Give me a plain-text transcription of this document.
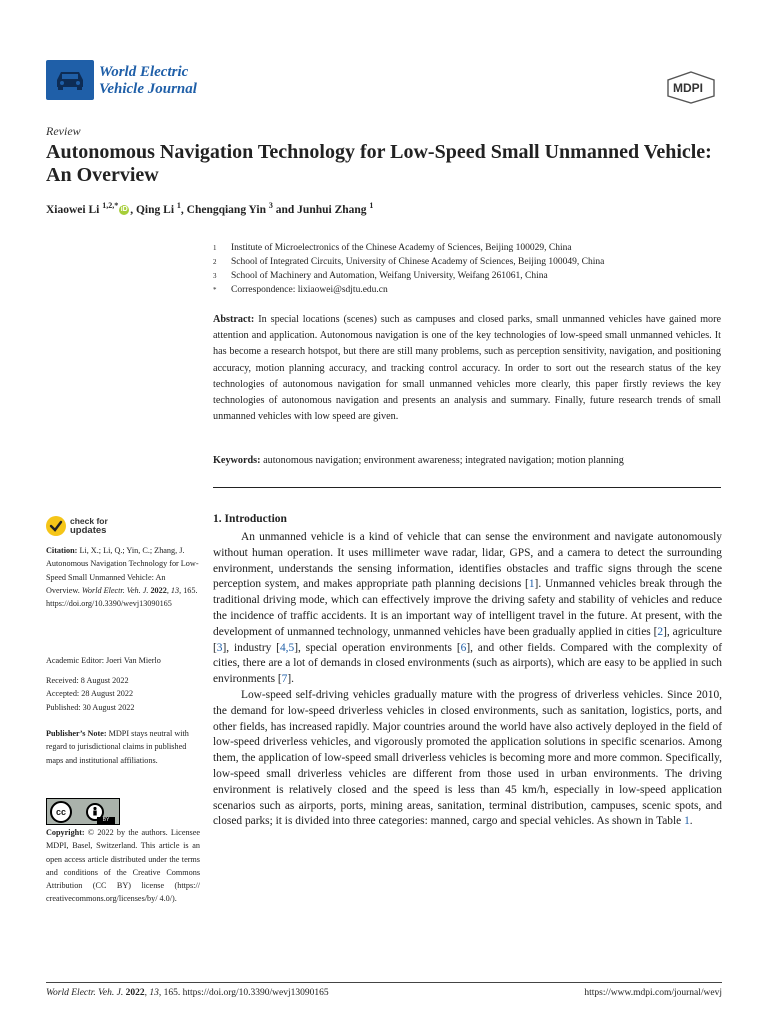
World Electric
Vehicle Journal	MDPI
Review
Autonomous Navigation Technology for Low-Speed Small Unmanned Vehicle: An Overview
Xiaowei Li $^{1,2,*}$ iD , Qing Li $^1$, Chengqiang Yin $^3$ and Junhui Zhang $^1$
1	Institute of Microelectronics of the Chinese Academy of Sciences, Beijing 100029, China
2	School of Integrated Circuits, University of Chinese Academy of Sciences, Beijing 100049, China
3	School of Machinery and Automation, Weifang University, Weifang 261061, China
*	Correspondence: lixiaowei@sdjtu.edu.cn
Abstract: In special locations (scenes) such as campuses and closed parks, small unmanned vehicles have gained more attention and application. Autonomous navigation is one of the key technologies of low-speed small unmanned vehicles. It has become a research hotspot, but there are still many problems, such as perception sensitivity, navigation, and positioning accuracy, motion planning accuracy, and tracking control accuracy. In order to sort out the research status of the key technologies of autonomous navigation for small unmanned vehicles more clearly, this paper firstly reviews the key technologies of autonomous navigation and presents an analysis and summary. Finally, future research trends of small unmanned vehicles with low speed are given.
Keywords: autonomous navigation; environment awareness; integrated navigation; motion planning
check for
updates
Citation: Li, X.; Li, Q.; Yin, C.; Zhang, J. Autonomous Navigation Technology for Low-Speed Small Unmanned Vehicle: An Overview. World Electr. Veh. J. 2022, 13, 165. https://doi.org/10.3390/wevj13090165
Academic Editor: Joeri Van Mierlo
Received: 8 August 2022
Accepted: 28 August 2022
Published: 30 August 2022
Publisher’s Note: MDPI stays neutral with regard to jurisdictional claims in published maps and institutional affiliations.
cc
BY
Copyright: © 2022 by the authors. Licensee MDPI, Basel, Switzerland. This article is an open access article distributed under the terms and conditions of the Creative Commons Attribution (CC BY) license (https:// creativecommons.org/licenses/by/ 4.0/).
1. Introduction

An unmanned vehicle is a kind of vehicle that can sense the environment and navigate autonomously without human operation. It uses millimeter wave radar, lidar, GPS, and a camera to detect the surrounding environment, understands the sensing information, identifies obstacles and traffic signs through the scene perception system, and makes appropriate path planning decisions [1]. Unmanned vehicles break through the traditional driving mode, which can effectively improve the driving safety and stability of vehicles and reduce the incidence of traffic accidents. It is an important way of intelligent travel in the future. At present, with the development of unmanned technology, unmanned vehicles have been gradually applied in cities [2], agriculture [3], industry [4,5], special operation environments [6], and other fields. Compared with the complexity of cities, there are a lot of demands in closed environments (such as airports), which are easy to be applied in such environments [7].

Low-speed self-driving vehicles gradually mature with the progress of driverless vehicles. Since 2010, the demand for low-speed driverless vehicles in closed environments, such as sanitation, logistics, ports, and other fields, has increased rapidly. Major countries around the world have also actively deployed in the field of low-speed driverless vehicles, and vigorously promoted the application solutions in specific scenarios. Among them, the application of low-speed small driverless vehicles is becoming more and more common. Specifically, low-speed small driverless vehicles are different from those used in urban environments. The driving environment is relatively closed and the speed is less than 45 km/h, especially in low-speed application scenarios such as airports, ports, mining areas, sanitation, terminal distribution, campuses, scenic spots, and closed parks; it is divided into three categories: manned, cargo and special vehicles. As shown in Table 1.

World Electr. Veh. J. 2022, 13, 165. https://doi.org/10.3390/wevj13090165	https://www.mdpi.com/journal/wevj
